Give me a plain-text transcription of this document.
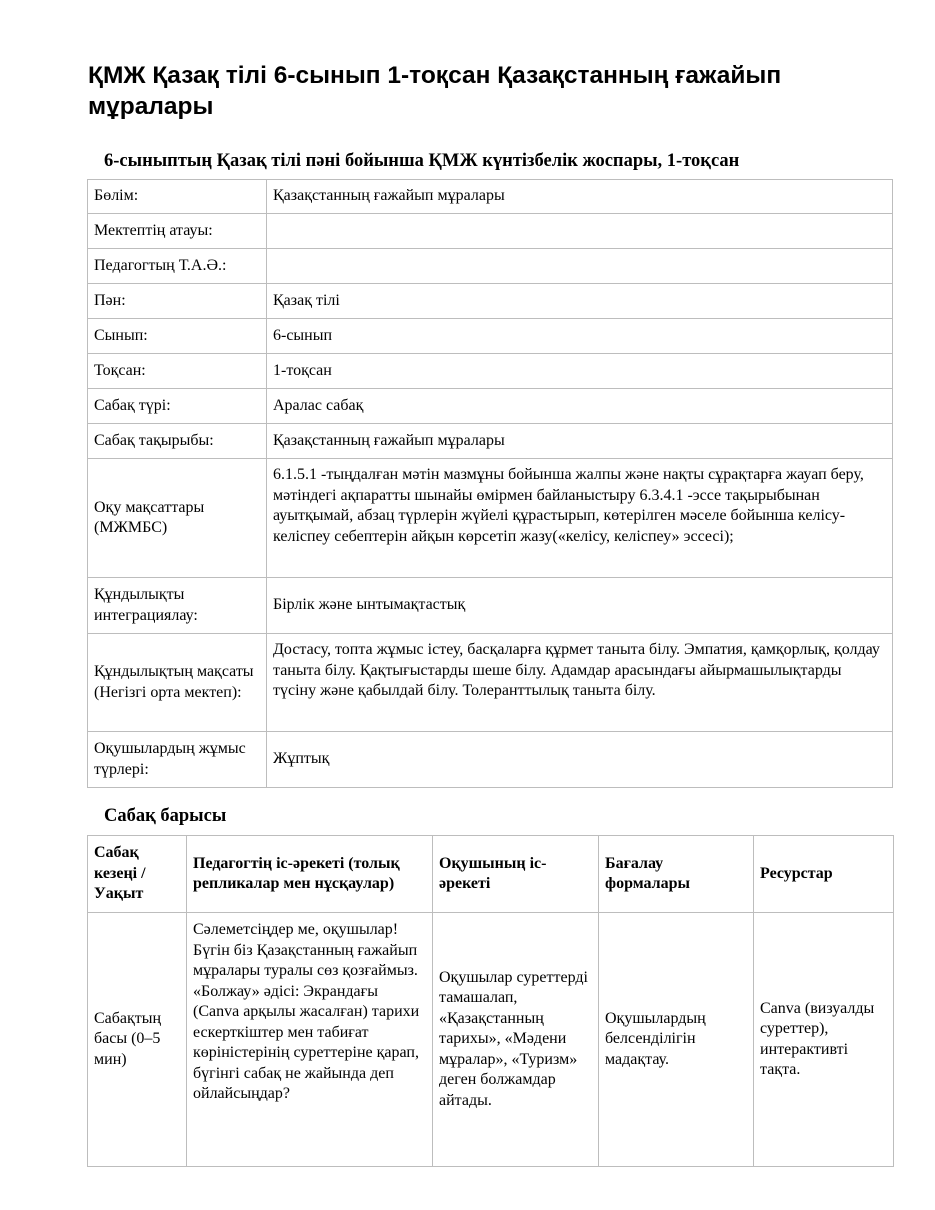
ҚМЖ Қазақ тілі 6-сынып 1-тоқсан Қазақстанның ғажайып мұралары
6-сыныптың Қазақ тілі пәні бойынша ҚМЖ күнтізбелік жоспары, 1-тоқсан
Бөлім:	Қазақстанның ғажайып мұралары
Мектептің атауы:	
Педагогтың Т.А.Ә.:	
Пән:	Қазақ тілі
Сынып:	6-сынып
Тоқсан:	1-тоқсан
Сабақ түрі:	Аралас сабақ
Сабақ тақырыбы:	Қазақстанның ғажайып мұралары
Оқу мақсаттары (МЖМБС)	6.1.5.1 -тыңдалған мәтін мазмұны бойынша жалпы және нақты сұрақтарға жауап беру, мәтіндегі ақпаратты шынайы өмірмен байланыстыру 6.3.4.1 -эссе тақырыбынан ауытқымай, абзац түрлерін жүйелі құрастырып, көтерілген мәселе бойынша келісу-келіспеу себептерін айқын көрсетіп жазу(«келісу, келіспеу» эссесі);
Құндылықты интеграциялау:	Бірлік және ынтымақтастық
Құндылықтың мақсаты (Негізгі орта мектеп):	Достасу, топта жұмыс істеу, басқаларға құрмет таныта білу. Эмпатия, қамқорлық, қолдау таныта білу. Қақтығыстарды шеше білу. Адамдар арасындағы айырмашылықтарды түсіну және қабылдай білу. Толеранттылық таныта білу.
Оқушылардың жұмыс түрлері:	Жұптық
Сабақ барысы
Сабақ кезеңі / Уақыт	Педагогтің іс-әрекеті (толық репликалар мен нұсқаулар)	Оқушының іс-әрекеті	Бағалау формалары	Ресурстар
Сабақтың басы (0–5 мин)	Сәлеметсіңдер ме, оқушылар! Бүгін біз Қазақстанның ғажайып мұралары туралы сөз қозғаймыз. «Болжау» әдісі: Экрандағы (Canva арқылы жасалған) тарихи ескерткіштер мен табиғат көріністерінің суреттеріне қарап, бүгінгі сабақ не жайында деп ойлайсыңдар?	Оқушылар суреттерді тамашалап, «Қазақстанның тарихы», «Мәдени мұралар», «Туризм» деген болжамдар айтады.	Оқушылардың белсенділігін мадақтау.	Canva (визуалды суреттер), интерактивті тақта.
